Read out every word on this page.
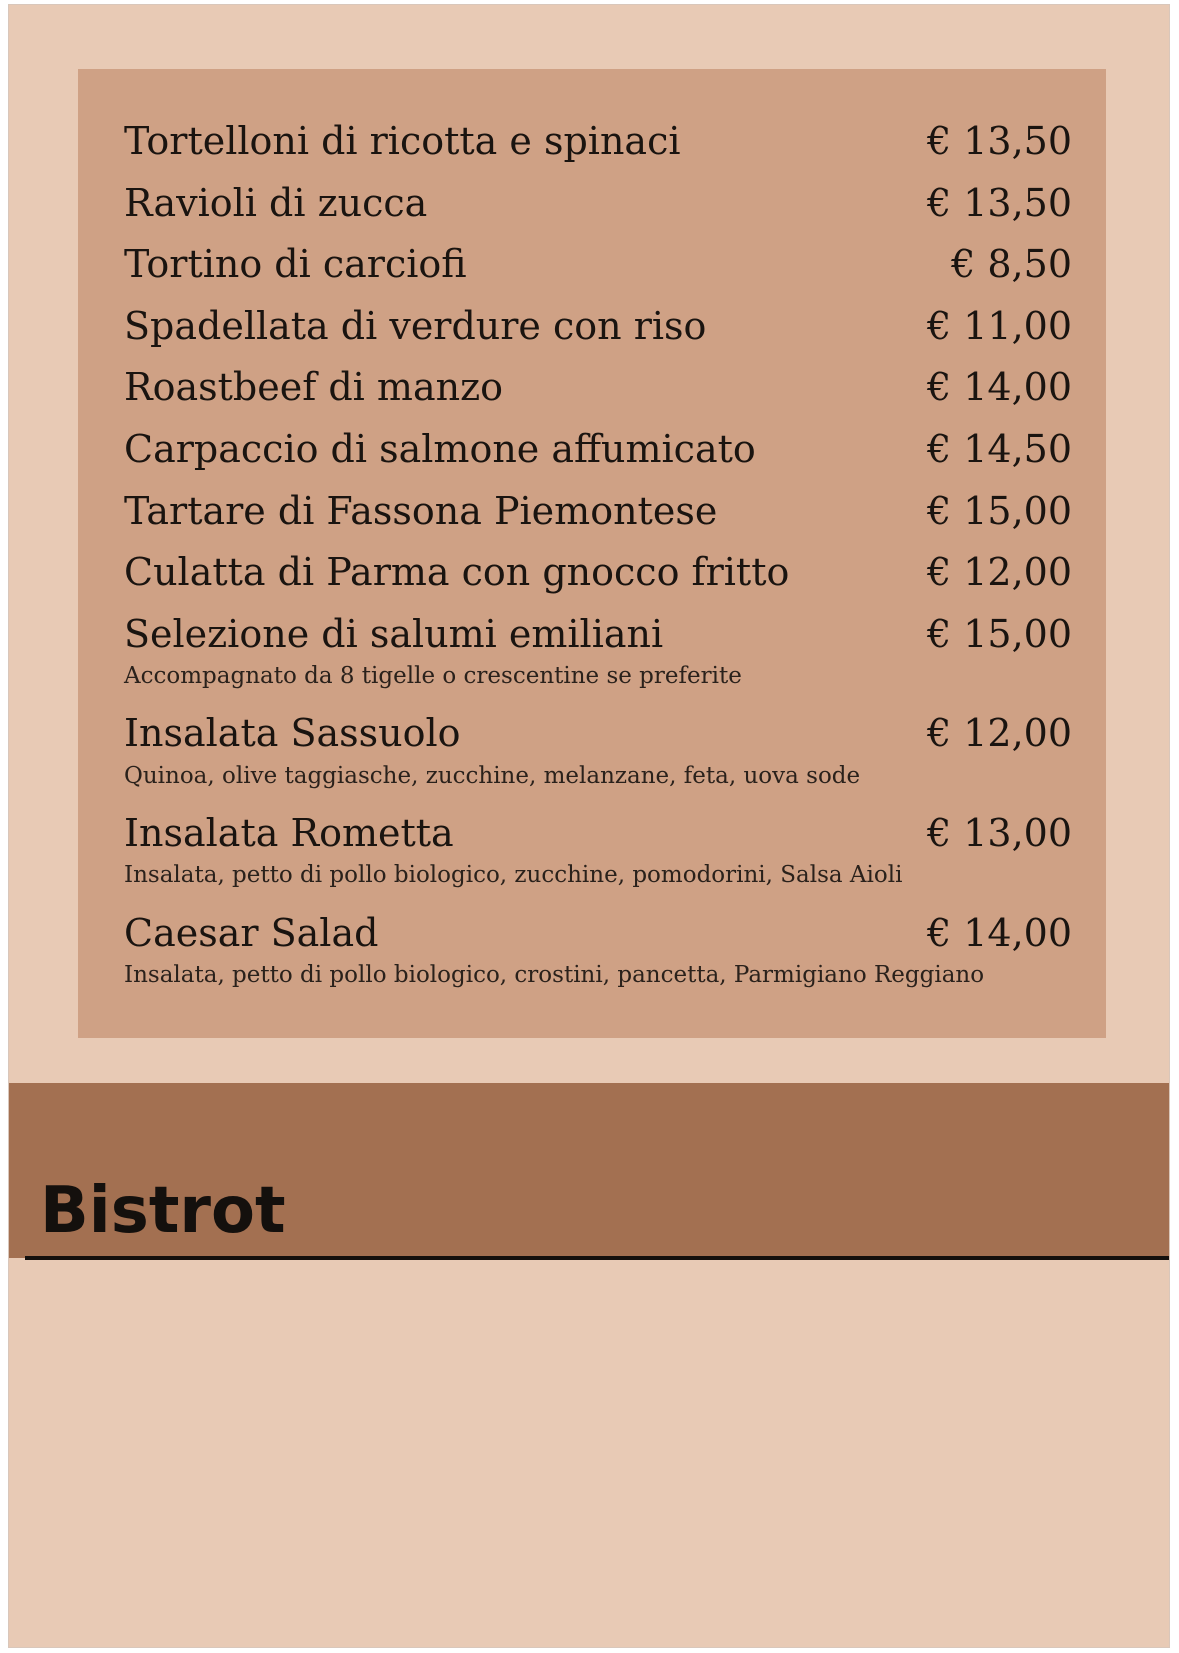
Tortelloni di ricotta e spinaci	€ 13,50
Ravioli di zucca	€ 13,50
Tortino di carciofi	€ 8,50
Spadellata di verdure con riso	€ 11,00
Roastbeef di manzo	€ 14,00
Carpaccio di salmone affumicato	€ 14,50
Tartare di Fassona Piemontese	€ 15,00
Culatta di Parma con gnocco fritto	€ 12,00
Selezione di salumi emiliani	€ 15,00
Accompagnato da 8 tigelle o crescentine se preferite
Insalata Sassuolo	€ 12,00
Quinoa, olive taggiasche, zucchine, melanzane, feta, uova sode
Insalata Rometta	€ 13,00
Insalata, petto di pollo biologico, zucchine, pomodorini, Salsa Aioli
Caesar Salad	€ 14,00
Insalata, petto di pollo biologico, crostini, pancetta, Parmigiano Reggiano
Bistrot
